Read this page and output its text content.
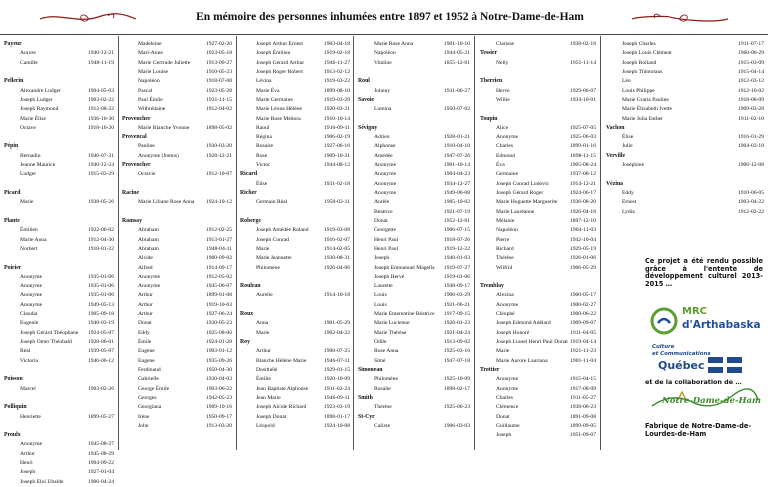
En mémoire des personnes inhumées entre 1897 et 1952 à Notre-Dame-de-Ham
Payeur
Aurore	1940-12-21
Camille	1948-11-19
Pellerin
Alexandre Ludger	1904-05-03
Joseph Ludger	1903-02-22
Joseph Raymond	1912-08-22
Marie Élise	1936-10-30
Octave	1918-10-20
Pépin
Bernadin	1946-07-31
Jeanne Maurice	1940-12-24
Ludger	1915-03-29
Picard
Marie	1938-05-26
Plante
Émilien	1922-06-02
Marie Anna	1912-04-30
Norbert	1918-01-22
Poirier
Anonyme	1935-01-06
Anonyme	1935-01-06
Anonyme	1935-01-06
Anonyme	1949-05-13
Claudia	1905-09-18
Eugenie	1948-03-19
Joseph Gérard Théophane 1924-05-07
Joseph Omer Théobald	1928-06-01
Réal	1939-05-07
Victoria	1946-06-12
Poisson
Marcel	1903-02-26
Polliquin
Henriette	1899-05-27
Proulx
Anonyme	1945-08-27
Arthur	1945-08-29
Henri	1904-09-22
Joseph	1927-01-04
Joseph Eloi Ubalde	1906-04-24
Madeleine	1927-02-20
Mari-Anne	1923-05-18
Marie Gertrude Juliette	1913-09-27
Marie Louise	1910-05-23
Napoléon	1918-07-08
Pascal	1923-05-28
Paul Émile	1931-11-15
Wilbrédaine	1912-04-02
Provencher
Marie Blanche Yvonne	1898-05-02
Provencal
Pauline	1930-03-20
Anonyme (foetus)	1928-12-21
Provencher
Octavie	1912-10-07
Racine
Marie Liliane Rose Anna 1924-10-12
Ramsay
Abraham	1912-02-25
Abraham	1913-01-27
Abraham	1948-04-11
Alcide	1900-09-02
Alfred	1914-09-17
Anonyme	1912-05-02
Anonyme	1945-06-07
Arthur	1899-01-08
Arthur	1919-10-03
Arthur	1927-06-24
Donat	1930-05-23
Eddy	1925-08-06
Émile	1924-01-28
Eugene	1903-01-12
Eugene	1935-09-26
Ferdinand	1950-04-30
Gabrielle	1930-04-03
George Émile	1903-06-22
Georges	1942-05-23
Georgiana	1909-10-16
Irène	1950-09-17
John	1913-03-20
Joseph Arthur Ernest	1903-04-18
Joseph Émilien	1919-02-18
Joseph Gérard Arthur	1946-11-27
Joseph Roger Robert	1913-02-12
Lévina	1919-03-22
Marie Éva	1899-08-10
Marie Germaine	1919-03-29
Marie Léona Hélène	1920-03-21
Marie Rose Médora	1910-10-14
Raoul	1916-09-11
Régina	1906-02-19
Rosaire	1927-06-16
Rose	1909-10-31
Victor	1944-08-12
Ricard
Élise	1931-02-18
Richer
Germain Réal	1950-02-11
Roberge
Joseph Amédée Roland	1919-03-08
Joseph Conrad	1916-02-07
Marie	1914-02-05
Marie Jeannette	1930-08-31
Philomène	1926-04-06
Rouleau
Aurelie	1914-10-18
Roux
Anna	1901-05-29
Marie	1902-04-22
Roy
Arthur	1908-07-25
Blanche Hélène Marie	1946-07-11
Dosithélé	1929-01-15
Émilie	1920-10-09
Jean Baptiste Alphonse	1911-02-24
Jean Marie	1946-09-11
Joseph Alcide Richard	1923-03-19
Joseph Donat	1898-01-17
Léopold	1924-10-08
Marie Rose Anna	1901-10-10
Napoléon	1944-05-21
Vitaline	1855-12-01
Roul
Johnny	1911-06-27
Savoie
Lumina	1950-07-02
Sévigny
Adrien	1928-01-21
Alphonse	1910-04-10
Amédée	1947-07-26
Anonyme	1901-10-14
Anonyme	1904-04-23
Anonyme	1934-12-27
Anonyme	1949-06-08
Aurèle	1905-10-02
Béatrice	1921-07-19
Donat	1952-12-01
Georgette	1906-07-15
Henri Paul	1918-07-26
Henri Paul	1919-12-22
Joseph	1940-01-03
Joseph Emmanuel Magella 1919-07-27
Joseph Hervé	1919-01-06
Laurette	1948-09-17
Louis	1906-03-29
Louis	1921-06-21
Marie Emerentine Béatrice 1917-09-15
Marie Lucienne	1926-01-23
Marie Thérèse	1921-04-24
Odile	1913-09-02
Rose Anna	1925-03-16
Simé	1947-07-18
Simoneau
Philomène	1925-10-09
Rosalie	1898-02-17
Smith
Thérèse	1925-06-23
St-Cyr
Calixte	1906-03-03
Clarisse	1938-02-18
Tessier
Nelly	1951-11-14
Therrien
Herve	1929-06-07
Willie	1934-10-01
Toupin
Alice	1925-07-05
Anonyme	1925-06-03
Charles	1899-01-16
Edmond	1898-11-15
Éva	1905-08-24
Germaine	1937-08-12
Joseph Conrad Ludovic	1914-12-21
Joseph Gérard Roger	1924-06-17
Marie Huguette Marguerite 1936-08-20
Marie Lauréanne	1926-04-18
Mélanie	1897-12-10
Napoléon	1904-11-03
Pierre	1942-10-04
Richard	1929-05-19
Thérèse	1926-01-06
Wilfrid	1906-05-29
Tremblay
Alexina	1900-05-17
Anonyme	1900-02-27
Cléophé	1900-06-22
Joseph Edmond Adélard	1909-09-07
Joseph Honoré	1911-04-05
Joseph Lionel Henri Paul Donat 1919-04-14
Marie	1921-11-23
Marie Aurore Lauriana	1901-11-04
Trottier
Anonyme	1915-04-15
Anonyme	1917-08-09
Charles	1911-05-27
Clémence	1938-06-23
Donat	1891-09-08
Guillaume	1899-09-05
Joseph	1951-09-07
Joseph Charles	1911-07-17
Joseph Louis Clément	1960-06-29
Joseph Rolland	1915-03-09
Joseph Thimotaus	1915-04-14
Léo	1912-03-12
Louis Philippe	1912-10-02
Marie Gratia Pauline	1918-08-09
Marie Élizabeth Ivette	1909-03-28
Marie Julia Esther	1911-02-10
Vachon
Élise	1916-01-29
Julie	1904-03-18
Verville
Joséphine	1906-12-08
Vézina
Eddy	1910-06-05
Ernest	1903-04-22
Lydia	1912-02-22
Ce projet a été rendu possible grâce à l'entente de développement culturel 2013-2015 …
MRC
d'Arthabaska
Culture
et Communications
Québec
et de la collaboration de …
Notre-Dame-de-Ham
Fabrique de Notre-Dame-de-Lourdes-de-Ham
